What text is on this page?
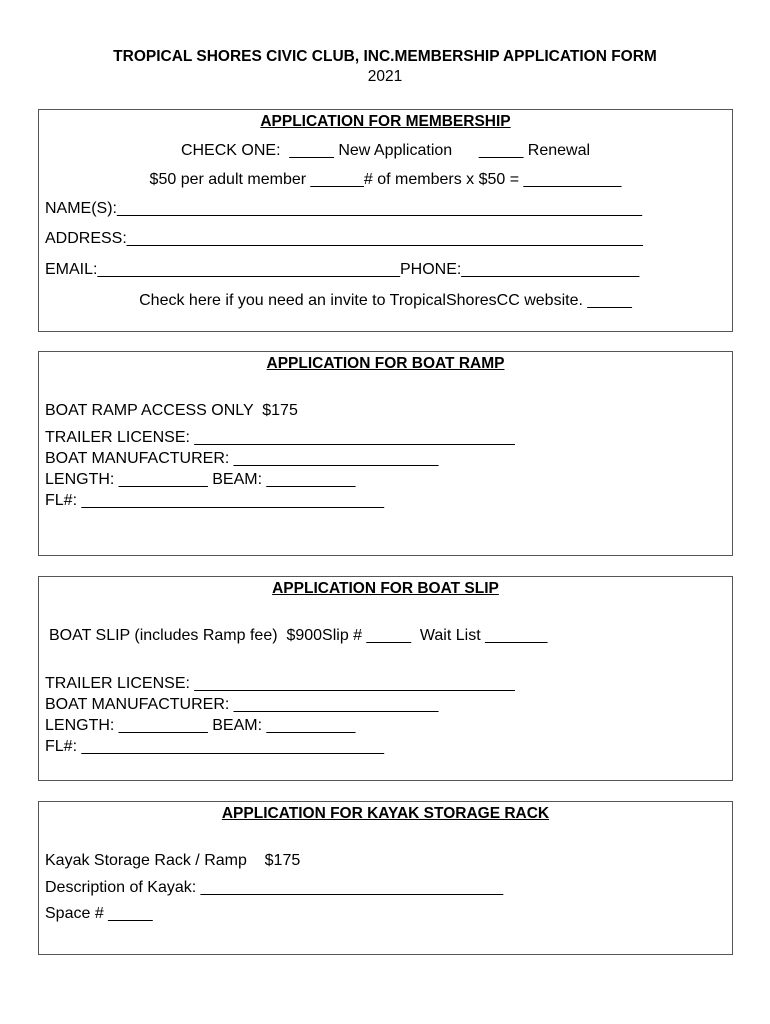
TROPICAL SHORES CIVIC CLUB, INC.MEMBERSHIP APPLICATION FORM
2021
APPLICATION FOR MEMBERSHIP
CHECK ONE:  _____ New Application      _____ Renewal
$50 per adult member ______# of members x $50 = ___________
NAME(S):___________________________________________________________
ADDRESS:__________________________________________________________
EMAIL:__________________________________PHONE:____________________
Check here if you need an invite to TropicalShoresCC website. _____
APPLICATION FOR BOAT RAMP
BOAT RAMP ACCESS ONLY  $175
TRAILER LICENSE: ____________________________________
BOAT MANUFACTURER: _______________________
LENGTH: __________ BEAM: __________
FL#: __________________________________
APPLICATION FOR BOAT SLIP
BOAT SLIP (includes Ramp fee)  $900Slip # _____  Wait List _______
TRAILER LICENSE: ____________________________________
BOAT MANUFACTURER: _______________________
LENGTH: __________ BEAM: __________
FL#: __________________________________
APPLICATION FOR KAYAK STORAGE RACK
Kayak Storage Rack / Ramp    $175
Description of Kayak: __________________________________
Space # _____
